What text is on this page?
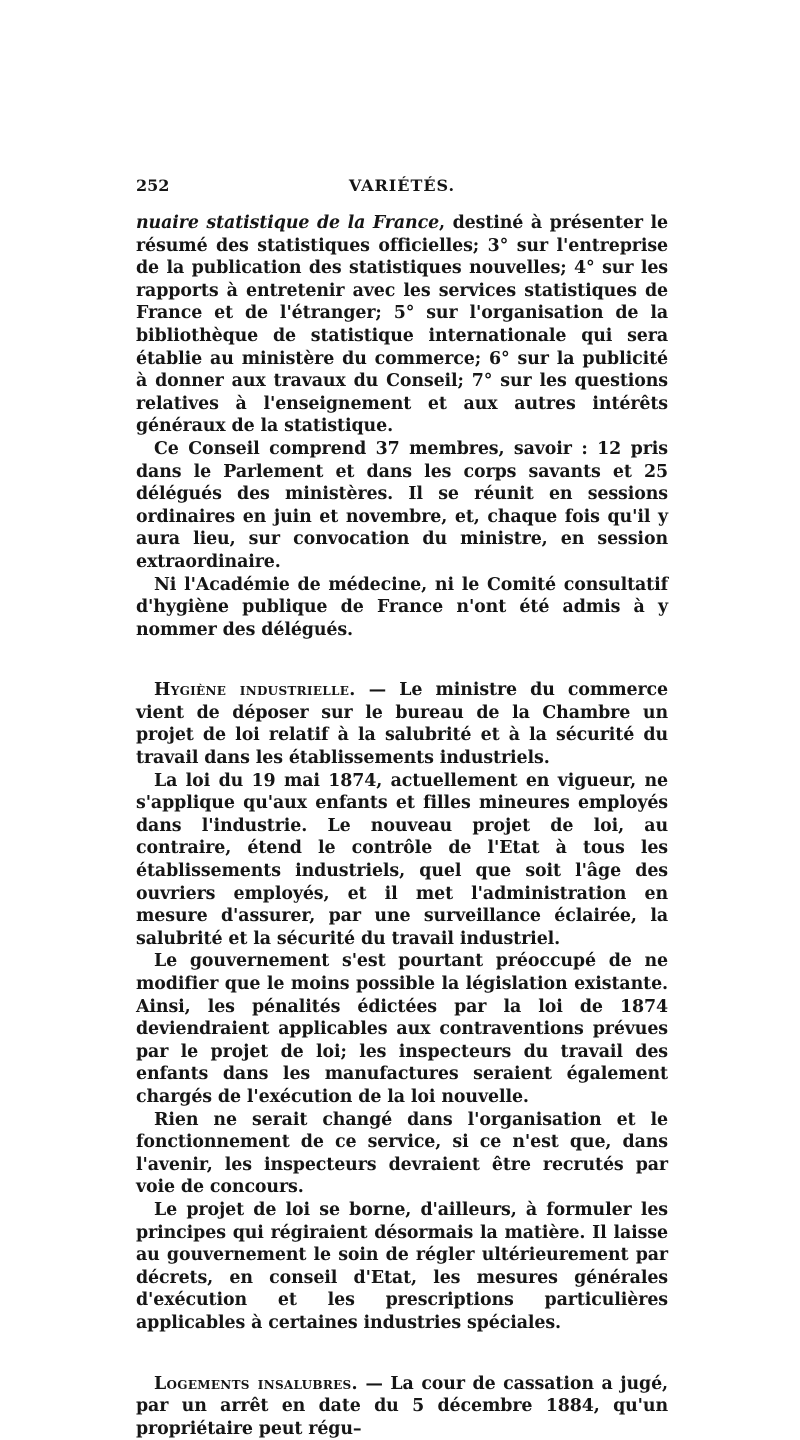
252	VARIÉTÉS.

nuaire statistique de la France, destiné à présenter le résumé des statistiques officielles; 3° sur l'entreprise de la publication des statistiques nouvelles; 4° sur les rapports à entretenir avec les services statistiques de France et de l'étranger; 5° sur l'organisation de la bibliothèque de statistique internationale qui sera établie au ministère du commerce; 6° sur la publicité à donner aux travaux du Conseil; 7° sur les questions relatives à l'enseignement et aux autres intérêts généraux de la statistique.

Ce Conseil comprend 37 membres, savoir : 12 pris dans le Parlement et dans les corps savants et 25 délégués des ministères. Il se réunit en sessions ordinaires en juin et novembre, et, chaque fois qu'il y aura lieu, sur convocation du ministre, en session extraordinaire.

Ni l'Académie de médecine, ni le Comité consultatif d'hygiène publique de France n'ont été admis à y nommer des délégués.

Hygiène industrielle. — Le ministre du commerce vient de déposer sur le bureau de la Chambre un projet de loi relatif à la salubrité et à la sécurité du travail dans les établissements industriels.

La loi du 19 mai 1874, actuellement en vigueur, ne s'applique qu'aux enfants et filles mineures employés dans l'industrie. Le nouveau projet de loi, au contraire, étend le contrôle de l'Etat à tous les établissements industriels, quel que soit l'âge des ouvriers employés, et il met l'administration en mesure d'assurer, par une surveillance éclairée, la salubrité et la sécurité du travail industriel.

Le gouvernement s'est pourtant préoccupé de ne modifier que le moins possible la législation existante. Ainsi, les pénalités édictées par la loi de 1874 deviendraient applicables aux contraventions prévues par le projet de loi; les inspecteurs du travail des enfants dans les manufactures seraient également chargés de l'exécution de la loi nouvelle.

Rien ne serait changé dans l'organisation et le fonctionnement de ce service, si ce n'est que, dans l'avenir, les inspecteurs devraient être recrutés par voie de concours.

Le projet de loi se borne, d'ailleurs, à formuler les principes qui régiraient désormais la matière. Il laisse au gouvernement le soin de régler ultérieurement par décrets, en conseil d'Etat, les mesures générales d'exécution et les prescriptions particulières applicables à certaines industries spéciales.

Logements insalubres. — La cour de cassation a jugé, par un arrêt en date du 5 décembre 1884, qu'un propriétaire peut régu–
